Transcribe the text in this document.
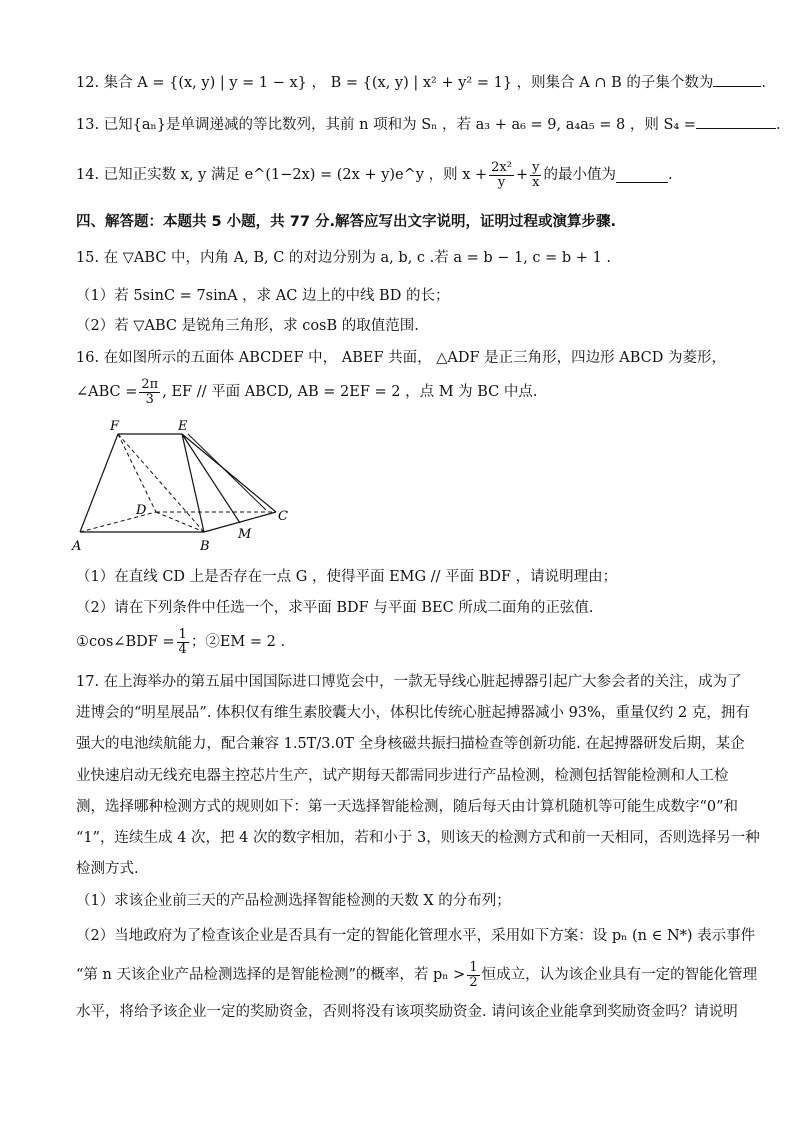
12. 集合 A = {(x, y) | y = 1 − x} ， B = {(x, y) | x² + y² = 1} ，则集合 A ∩ B 的子集个数为	.
13. 已知{aₙ}是单调递减的等比数列，其前 n 项和为 Sₙ ，若 a₃ + a₆ = 9, a₄a₅ = 8 ，则 S₄ =	.
14. 已知正实数 x, y 满足 e^(1−2x) = (2x + y)e^y ，则 $x + \frac{\text{2x²}}{y} + \frac{y}{x}$ 的最小值为	.
四、解答题：本题共 5 小题，共 77 分.解答应写出文字说明，证明过程或演算步骤.
15. 在 ▽ABC 中，内角 A, B, C 的对边分别为 a, b, c .若 a = b − 1, c = b + 1 .
（1）若 5sinC = 7sinA ，求 AC 边上的中线 BD 的长；
（2）若 ▽ABC 是锐角三角形，求 cosB 的取值范围.
16. 在如图所示的五面体 ABCDEF 中， ABEF 共面， △ADF 是正三角形，四边形 ABCD 为菱形，
∠ABC = $\frac{2\pi}{3}$ , EF // 平面 ABCD, AB = 2EF = 2 ，点 M 为 BC 中点.
F	E
D	C
A	B
M
（1）在直线 CD 上是否存在一点 G ，使得平面 EMG // 平面 BDF ，请说明理由；
（2）请在下列条件中任选一个，求平面 BDF 与平面 BEC 所成二面角的正弦值.
①cos∠BDF = $\frac{1}{4}$ ；②EM = 2 .
17. 在上海举办的第五届中国国际进口博览会中，一款无导线心脏起搏器引起广大参会者的关注，成为了
进博会的“明星展品”. 体积仅有维生素胶囊大小，体积比传统心脏起搏器减小 93%，重量仅约 2 克，拥有
强大的电池续航能力，配合兼容 1.5T/3.0T 全身核磁共振扫描检查等创新功能. 在起搏器研发后期，某企
业快速启动无线充电器主控芯片生产，试产期每天都需同步进行产品检测，检测包括智能检测和人工检
测，选择哪种检测方式的规则如下：第一天选择智能检测，随后每天由计算机随机等可能生成数字“0”和
“1”，连续生成 4 次，把 4 次的数字相加，若和小于 3，则该天的检测方式和前一天相同，否则选择另一种
检测方式.
（1）求该企业前三天的产品检测选择智能检测的天数 X 的分布列；
（2）当地政府为了检查该企业是否具有一定的智能化管理水平，采用如下方案：设 pₙ (n ∈ N*) 表示事件
“第 n 天该企业产品检测选择的是智能检测”的概率，若 $p_n > \frac{1}{2}$ 恒成立，认为该企业具有一定的智能化管理
水平，将给予该企业一定的奖励资金，否则将没有该项奖励资金. 请问该企业能拿到奖励资金吗？请说明
